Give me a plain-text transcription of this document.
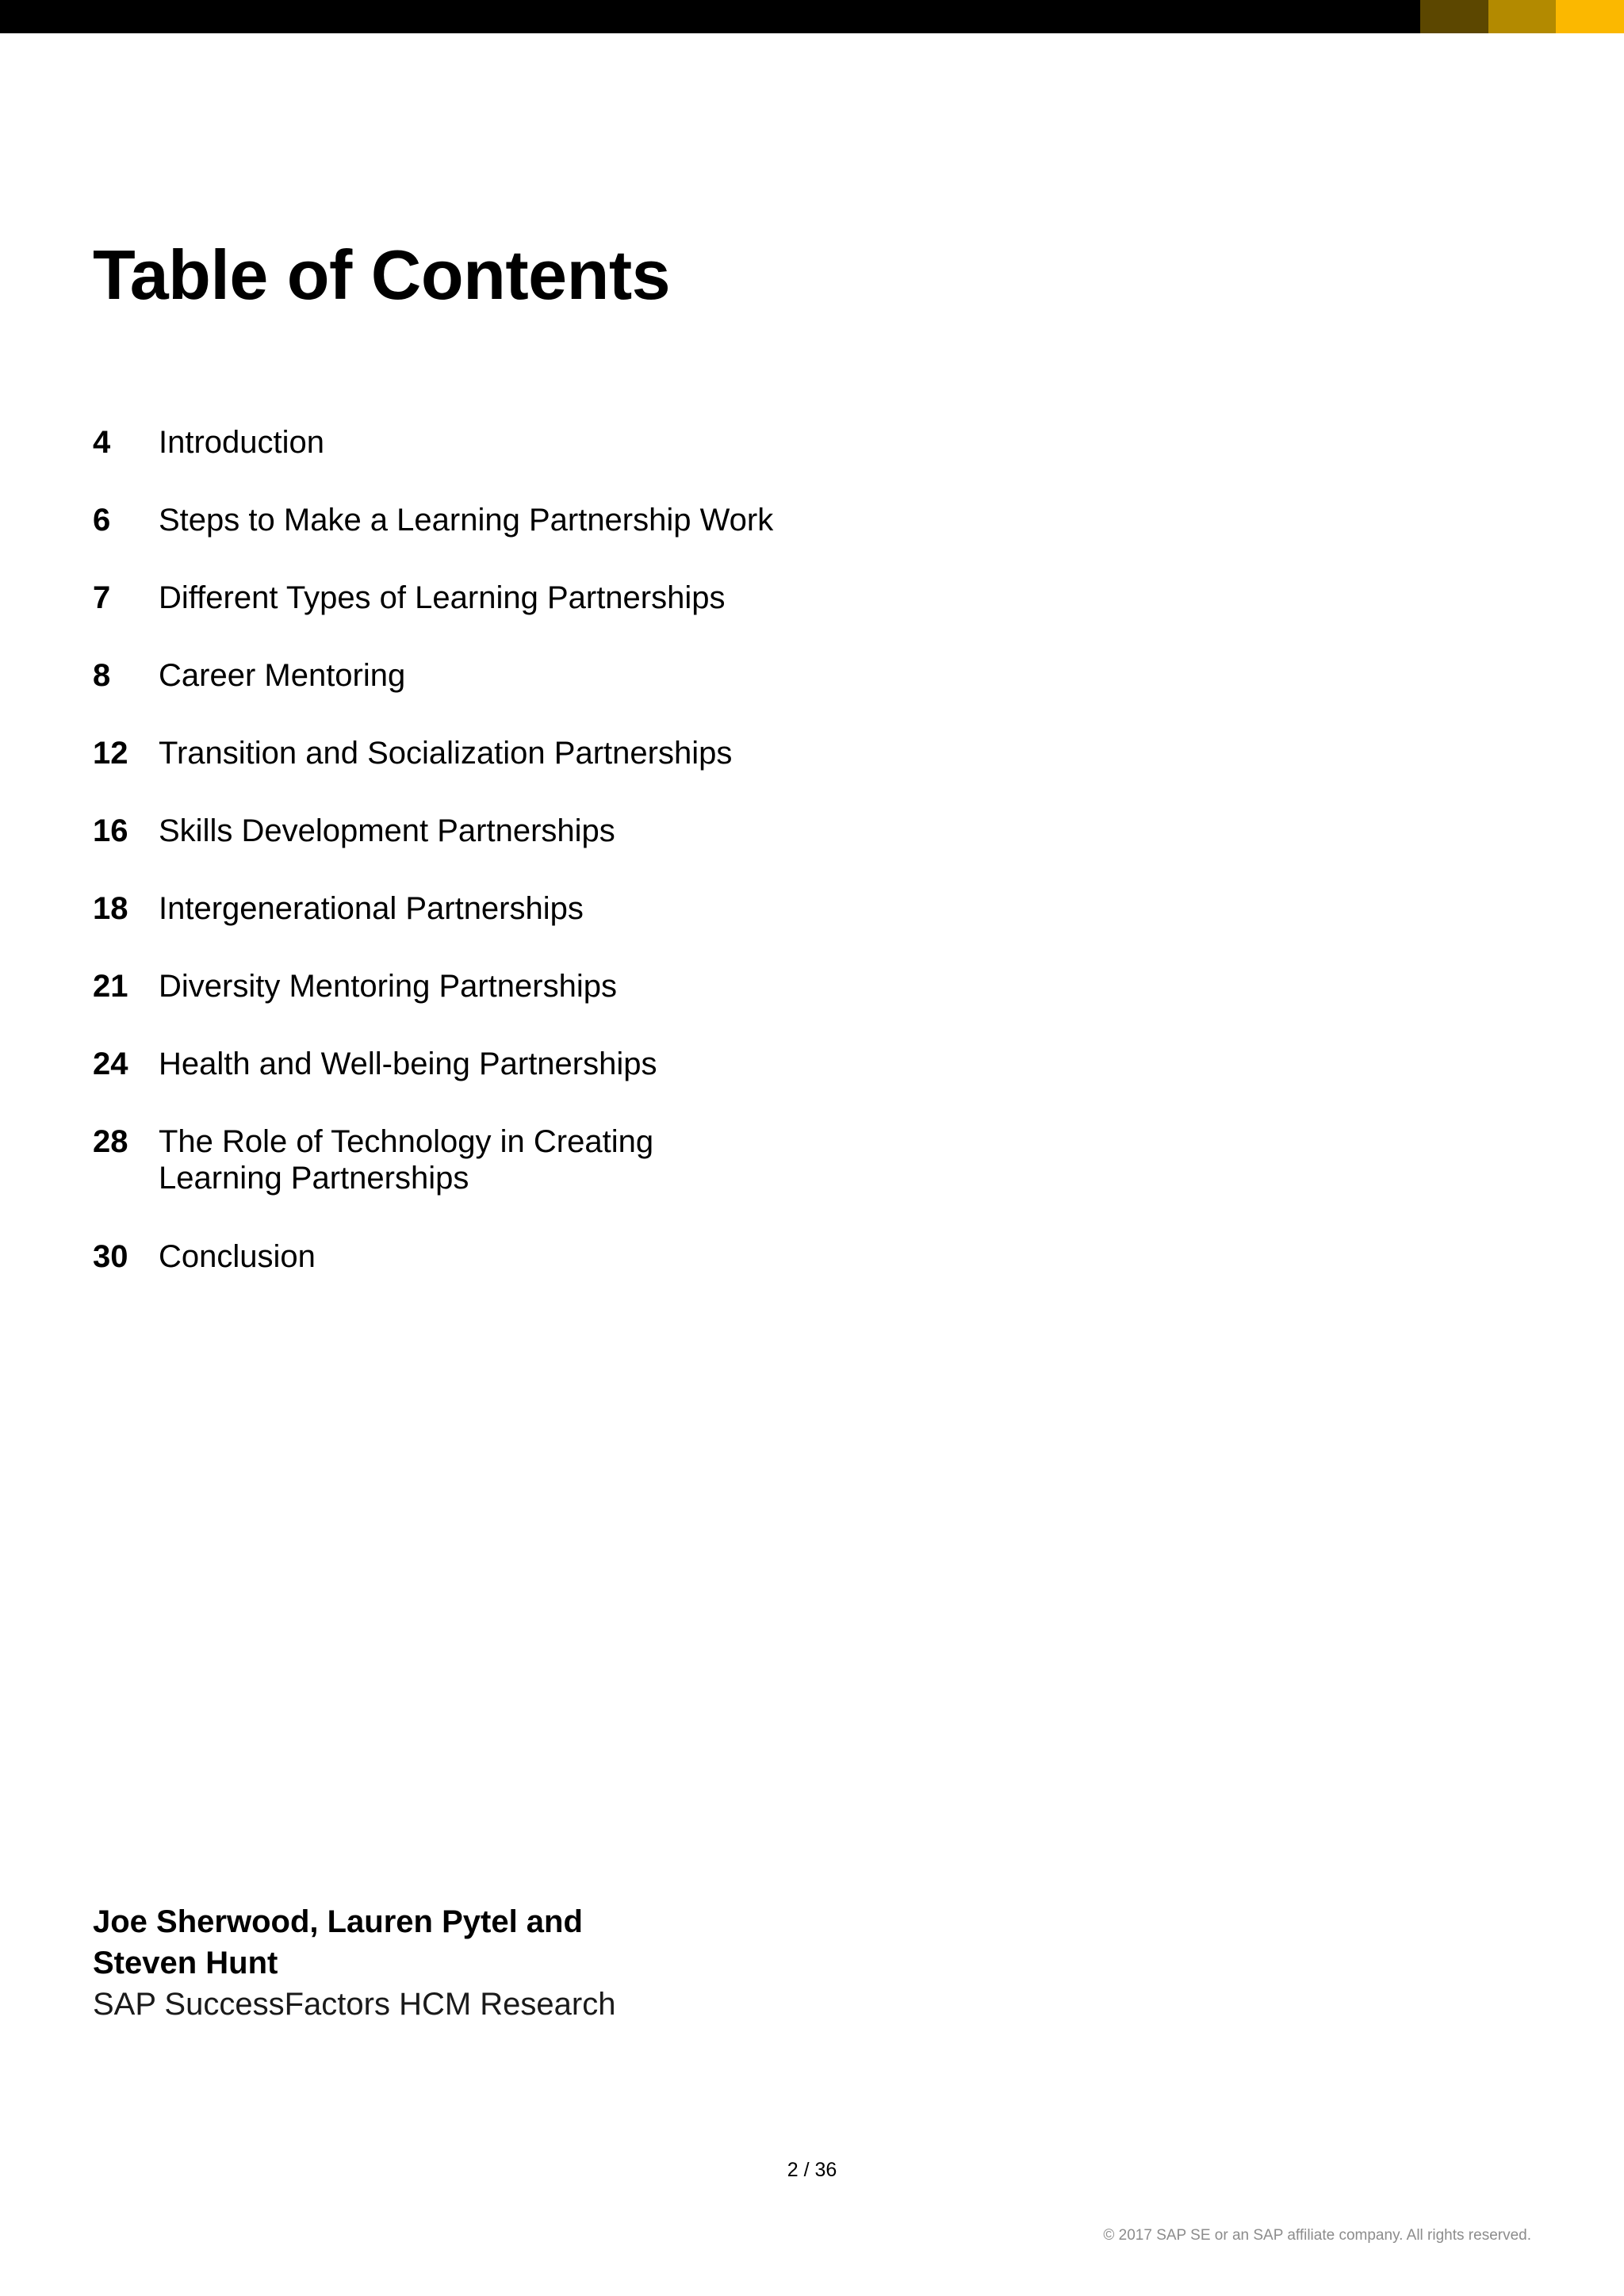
Table of Contents
4 Introduction
6 Steps to Make a Learning Partnership Work
7 Different Types of Learning Partnerships
8 Career Mentoring
12 Transition and Socialization Partnerships
16 Skills Development Partnerships
18 Intergenerational Partnerships
21 Diversity Mentoring Partnerships
24 Health and Well-being Partnerships
28 The Role of Technology in Creating Learning Partnerships
30 Conclusion
Joe Sherwood, Lauren Pytel and Steven Hunt
SAP SuccessFactors HCM Research
2 / 36
© 2017 SAP SE or an SAP affiliate company. All rights reserved.
